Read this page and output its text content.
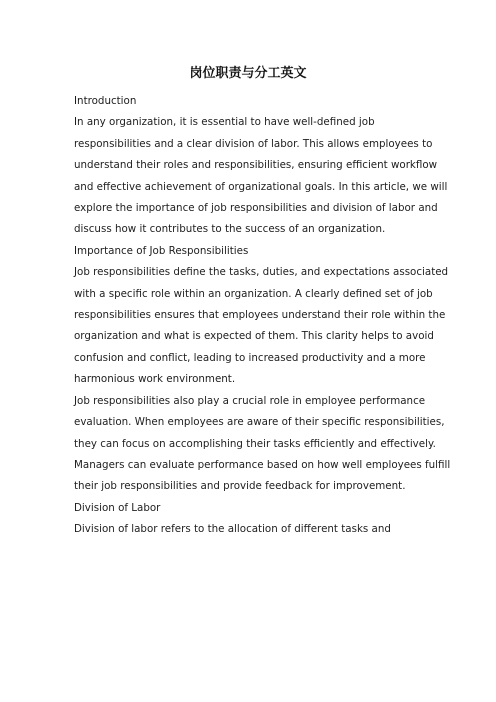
岗位职责与分工英文

Introduction

In any organization, it is essential to have well-defined job
responsibilities and a clear division of labor. This allows employees to
understand their roles and responsibilities, ensuring efficient workflow
and effective achievement of organizational goals. In this article, we will
explore the importance of job responsibilities and division of labor and
discuss how it contributes to the success of an organization.

Importance of Job Responsibilities

Job responsibilities define the tasks, duties, and expectations associated
with a specific role within an organization. A clearly defined set of job
responsibilities ensures that employees understand their role within the
organization and what is expected of them. This clarity helps to avoid
confusion and conflict, leading to increased productivity and a more
harmonious work environment.

Job responsibilities also play a crucial role in employee performance
evaluation. When employees are aware of their specific responsibilities,
they can focus on accomplishing their tasks efficiently and effectively.
Managers can evaluate performance based on how well employees fulfill
their job responsibilities and provide feedback for improvement.

Division of Labor

Division of labor refers to the allocation of different tasks and
